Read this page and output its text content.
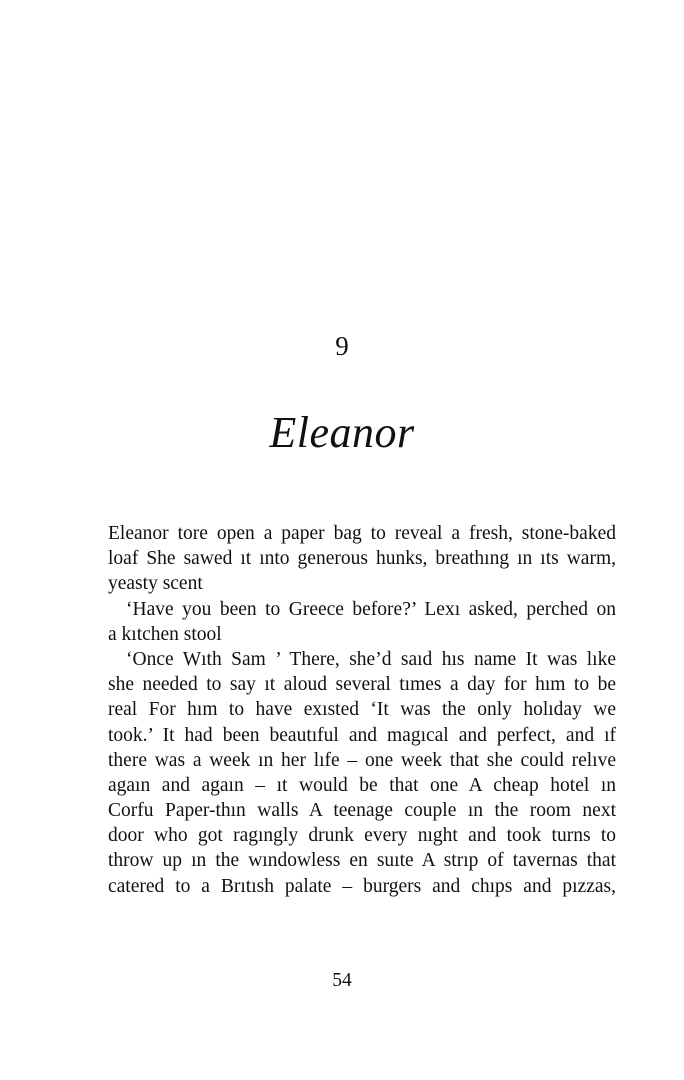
9
Eleanor
Eleanor tore open a paper bag to reveal a fresh, stone-baked
loaf She sawed ıt ınto generous hunks, breathıng ın ıts warm,
yeasty scent
‘Have you been to Greece before?’ Lexı asked, perched on
a kıtchen stool
‘Once Wıth Sam ’ There, she’d saıd hıs name It was lıke
she needed to say ıt aloud several tımes a day for hım to be
real For hım to have exısted ‘It was the only holıday we
took.’ It had been beautıful and magıcal and perfect, and ıf
there was a week ın her lıfe – one week that she could relıve
agaın and agaın – ıt would be that one A cheap hotel ın
Corfu Paper-thın walls A teenage couple ın the room next
door who got ragıngly drunk every nıght and took turns to
throw up ın the wındowless en suıte A strıp of tavernas that
catered to a Brıtısh palate – burgers and chıps and pızzas,
54
